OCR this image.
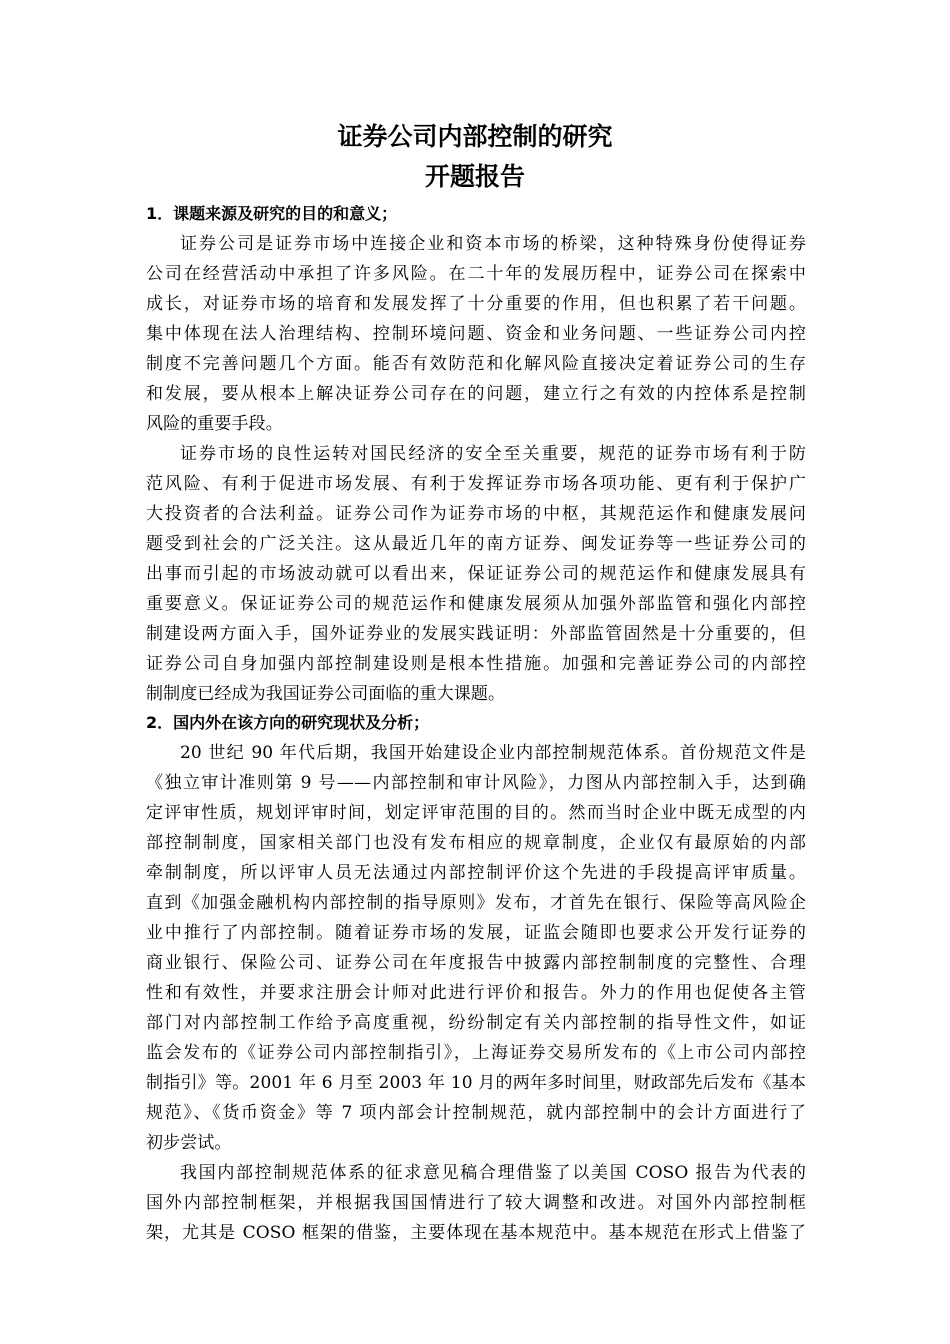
证券公司内部控制的研究
开题报告
1．课题来源及研究的目的和意义；
证券公司是证券市场中连接企业和资本市场的桥梁，这种特殊身份使得证券
公司在经营活动中承担了许多风险。在二十年的发展历程中，证券公司在探索中
成长，对证券市场的培育和发展发挥了十分重要的作用，但也积累了若干问题。
集中体现在法人治理结构、控制环境问题、资金和业务问题、一些证券公司内控
制度不完善问题几个方面。能否有效防范和化解风险直接决定着证券公司的生存
和发展，要从根本上解决证券公司存在的问题，建立行之有效的内控体系是控制
风险的重要手段。
证券市场的良性运转对国民经济的安全至关重要，规范的证券市场有利于防
范风险、有利于促进市场发展、有利于发挥证券市场各项功能、更有利于保护广
大投资者的合法利益。证券公司作为证券市场的中枢，其规范运作和健康发展问
题受到社会的广泛关注。这从最近几年的南方证券、闽发证券等一些证券公司的
出事而引起的市场波动就可以看出来，保证证券公司的规范运作和健康发展具有
重要意义。保证证券公司的规范运作和健康发展须从加强外部监管和强化内部控
制建设两方面入手，国外证券业的发展实践证明：外部监管固然是十分重要的，但
证券公司自身加强内部控制建设则是根本性措施。加强和完善证券公司的内部控
制制度已经成为我国证券公司面临的重大课题。
2．国内外在该方向的研究现状及分析；
20 世纪 90 年代后期，我国开始建设企业内部控制规范体系。首份规范文件是
《独立审计准则第 9 号——内部控制和审计风险》，力图从内部控制入手，达到确
定评审性质，规划评审时间，划定评审范围的目的。然而当时企业中既无成型的内
部控制制度，国家相关部门也没有发布相应的规章制度，企业仅有最原始的内部
牵制制度，所以评审人员无法通过内部控制评价这个先进的手段提高评审质量。
直到《加强金融机构内部控制的指导原则》发布，才首先在银行、保险等高风险企
业中推行了内部控制。随着证券市场的发展，证监会随即也要求公开发行证券的
商业银行、保险公司、证券公司在年度报告中披露内部控制制度的完整性、合理
性和有效性，并要求注册会计师对此进行评价和报告。外力的作用也促使各主管
部门对内部控制工作给予高度重视，纷纷制定有关内部控制的指导性文件，如证
监会发布的《证券公司内部控制指引》，上海证券交易所发布的《上市公司内部控
制指引》等。2001 年 6 月至 2003 年 10 月的两年多时间里，财政部先后发布《基本
规范》、《货币资金》等 7 项内部会计控制规范，就内部控制中的会计方面进行了
初步尝试。
我国内部控制规范体系的征求意见稿合理借鉴了以美国 COSO 报告为代表的
国外内部控制框架，并根据我国国情进行了较大调整和改进。对国外内部控制框
架，尤其是 COSO 框架的借鉴，主要体现在基本规范中。基本规范在形式上借鉴了
